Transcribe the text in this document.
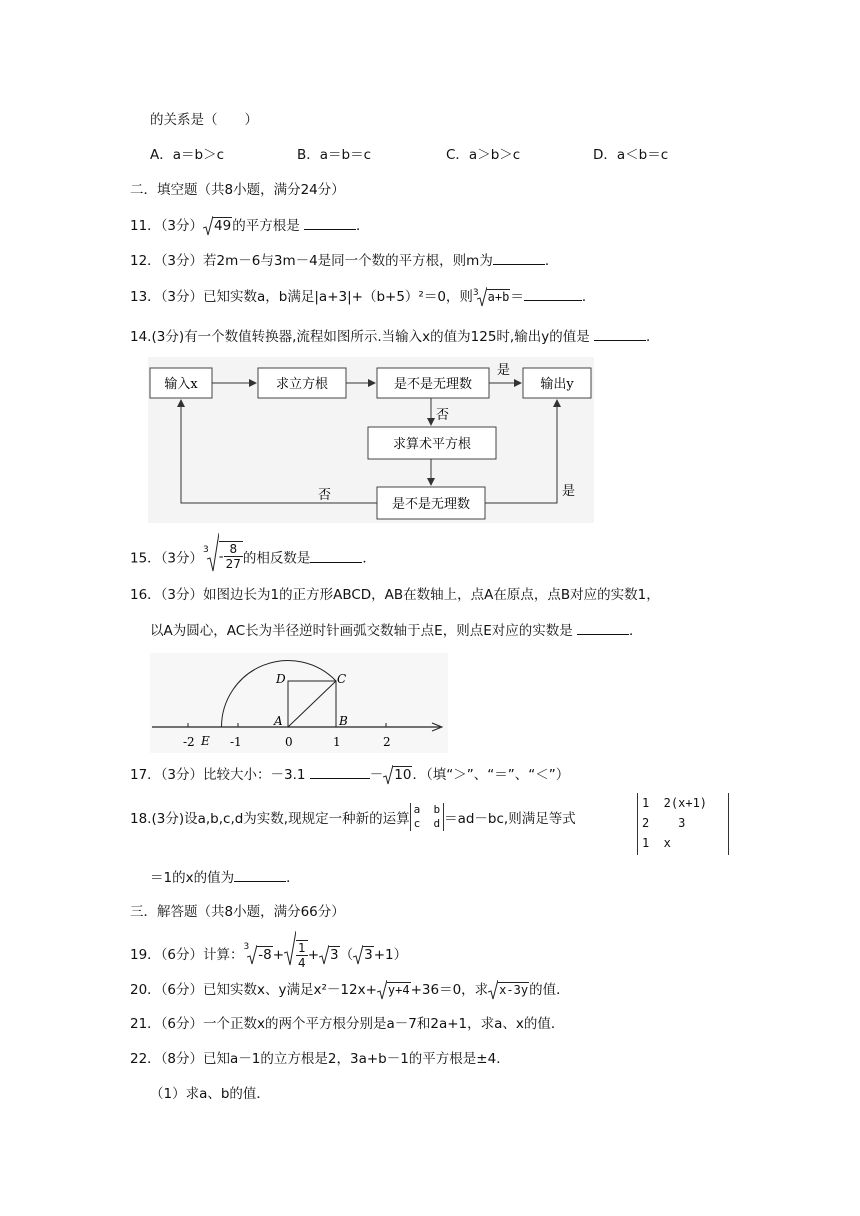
的关系是（　　）
A．a＝b＞c	B．a＝b＝c	C．a＞b＞c	D．a＜b＝c
二．填空题（共8小题，满分24分）
11．（3分） 49的平方根是	．
12．（3分）若2m－6与3m－4是同一个数的平方根，则m为	．
13．（3分）已知实数a，b满足|a+3|+（b+5）²＝0，则$^3$ a+b＝	．
14.(3分)有一个数值转换器,流程如图所示.当输入x的值为125时,输出y的值是	．
输入x	求立方根	是不是无理数	输出y
求算术平方根
是不是无理数
是
否
否	是
15．（3分）$^3 - \frac{8}{27}$ 的相反数是	．
16．（3分）如图边长为1的正方形ABCD，AB在数轴上，点A在原点，点B对应的实数1，
以A为圆心，AC长为半径逆时针画弧交数轴于点E，则点E对应的实数是	．
-2	-1	0	1	2
E
A	B
C
D
17．（3分）比较大小：－3.1	－ 10．（填“＞”、“＝”、“＜”）
18.(3分)设a,b,c,d为实数,现规定一种新的运算
a  b
c  d ＝ad－bc,则满足等式
1  2(x+1)
2    3
1  x
＝1的x的值为	．
三．解答题（共8小题，满分66分）
19．（6分）计算：$^3$ $-8+ \frac{1}{4} + 3$（ 3+1）
20．（6分）已知实数x、y满足x²－12x+ y+4+36＝0，求 x-3y的值．
21．（6分）一个正数x的两个平方根分别是a－7和2a+1，求a、x的值．
22．（8分）已知a－1的立方根是2，3a+b－1的平方根是±4．
（1）求a、b的值．
